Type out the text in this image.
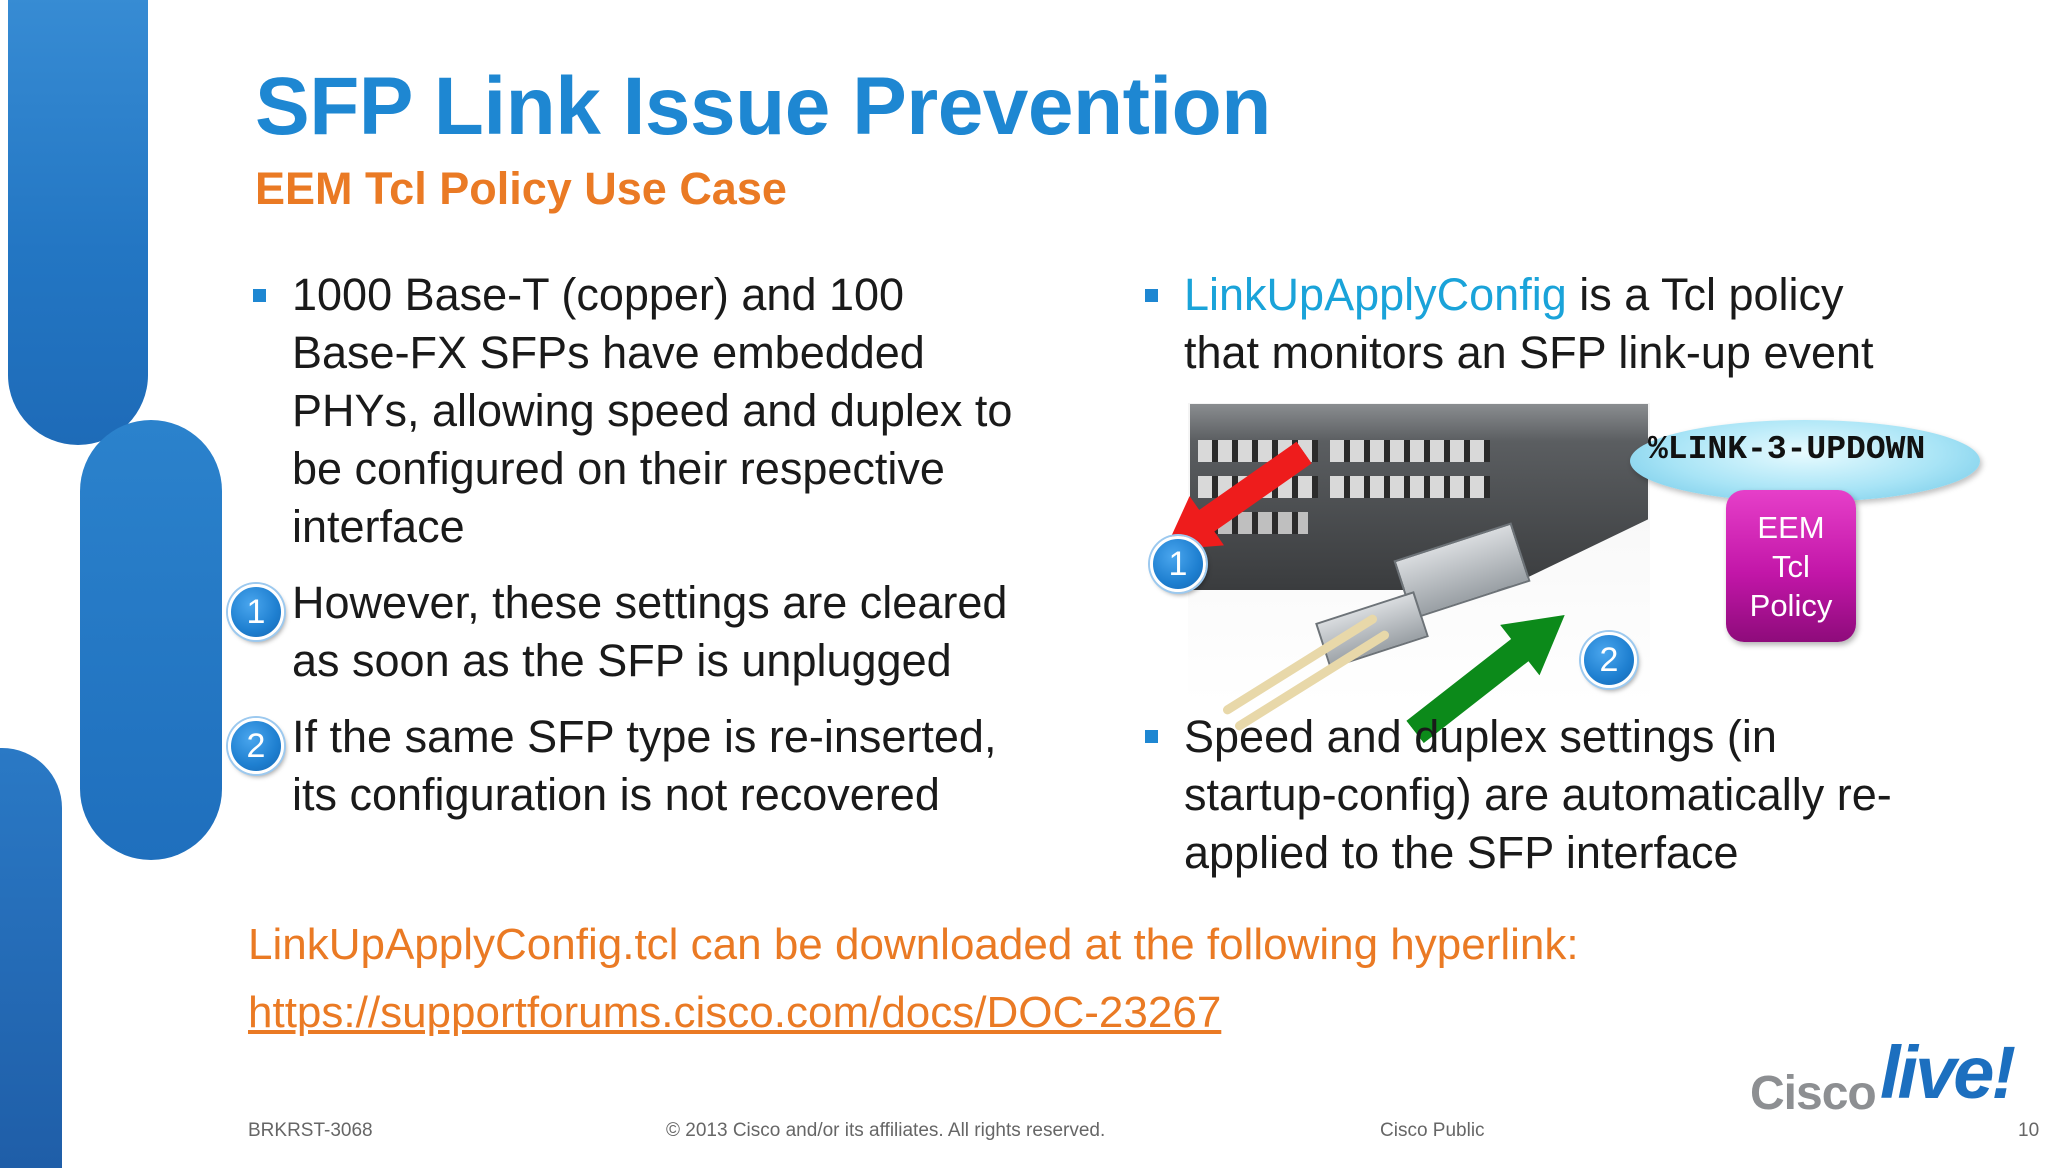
SFP Link Issue Prevention
EEM Tcl Policy Use Case
1000 Base-T (copper) and 100
Base-FX SFPs have embedded
PHYs, allowing speed and duplex to
be configured on their respective
interface
1 However, these settings are cleared
as soon as the SFP is unplugged
2 If the same SFP type is re-inserted,
its configuration is not recovered
LinkUpApplyConfig is a Tcl policy
that monitors an SFP link-up event
1
2
%LINK-3-UPDOWN
EEM
Tcl
Policy
Speed and duplex settings (in
startup-config) are automatically re-
applied to the SFP interface
LinkUpApplyConfig.tcl can be downloaded at the following hyperlink:
https://supportforums.cisco.com/docs/DOC-23267
BRKRST-3068	© 2013 Cisco and/or its affiliates. All rights reserved.	Cisco Public	10
Cisco live!
